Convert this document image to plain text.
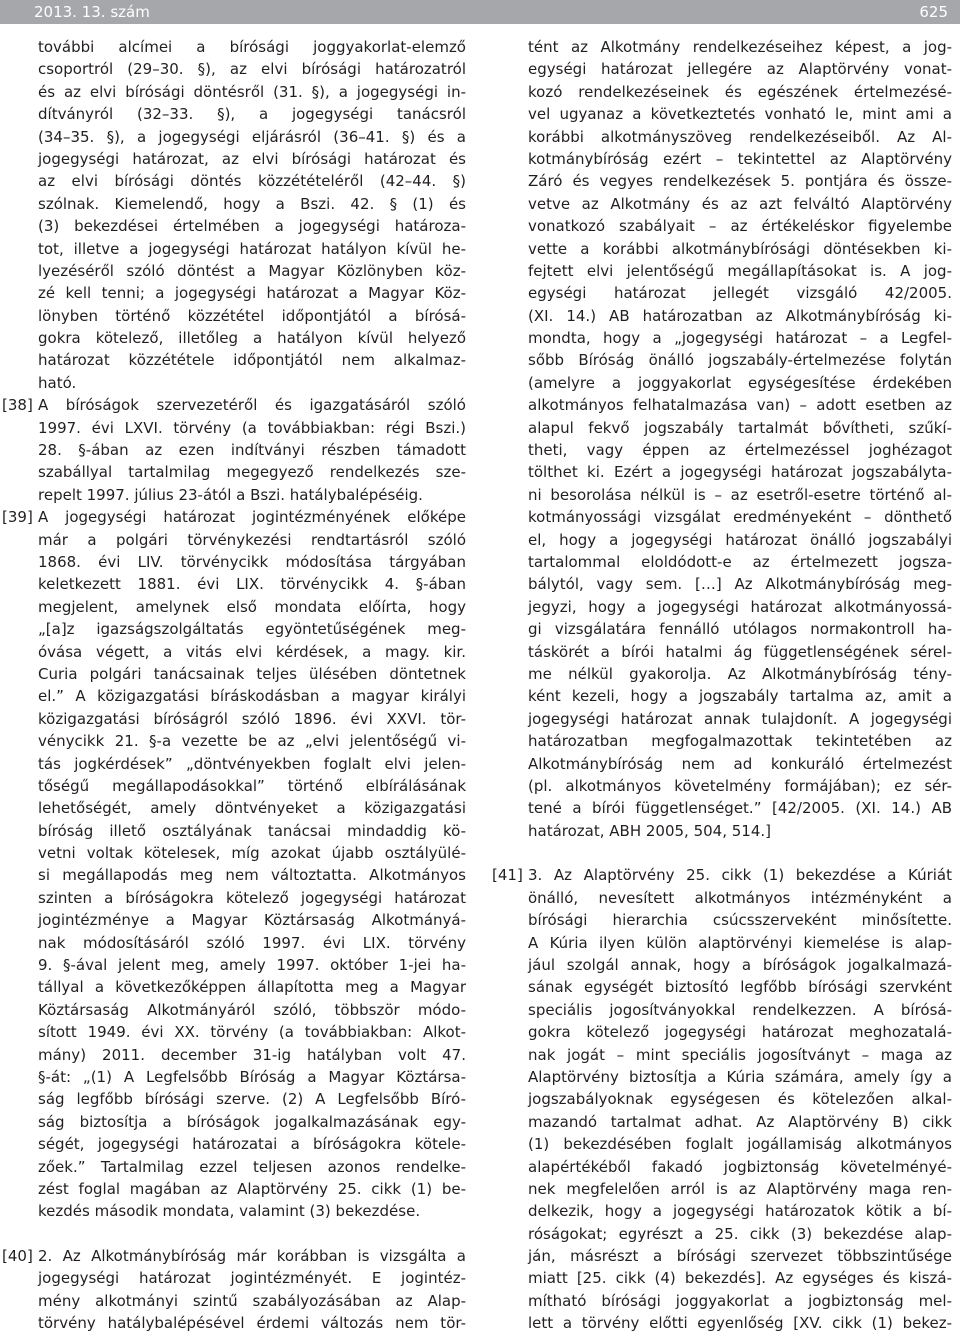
2013. 13. szám	625
további alcímei a bírósági joggyakorlat-elemző
csoportról (29–30. §), az elvi bírósági határozatról
és az elvi bírósági döntésről (31. §), a jogegységi in-
dítványról (32–33. §), a jogegységi tanácsról
(34–35. §), a jogegységi eljárásról (36–41. §) és a
jogegységi határozat, az elvi bírósági határozat és
az elvi bírósági döntés közzétételéről (42–44. §)
szólnak. Kiemelendő, hogy a Bszi. 42. § (1) és
(3) bekezdései értelmében a jogegységi határoza-
tot, illetve a jogegységi határozat hatályon kívül he-
lyezéséről szóló döntést a Magyar Közlönyben köz-
zé kell tenni; a jogegységi határozat a Magyar Köz-
lönyben történő közzététel időpontjától a bírósá-
gokra kötelező, illetőleg a hatályon kívül helyező
határozat közzététele időpontjától nem alkalmaz-
ható.
[38] A bíróságok szervezetéről és igazgatásáról szóló
1997. évi LXVI. törvény (a továbbiakban: régi Bszi.)
28. §-ában az ezen indítványi részben támadott
szabállyal tartalmilag megegyező rendelkezés sze-
repelt 1997. július 23-ától a Bszi. hatálybalépéséig.
[39] A jogegységi határozat jogintézményének előképe
már a polgári törvénykezési rendtartásról szóló
1868. évi LIV. törvénycikk módosítása tárgyában
keletkezett 1881. évi LIX. törvénycikk 4. §-ában
megjelent, amelynek első mondata előírta, hogy
„[a]z igazságszolgáltatás egyöntetűségének meg-
óvása végett, a vitás elvi kérdések, a magy. kir.
Curia polgári tanácsainak teljes ülésében döntetnek
el.” A közigazgatási bíráskodásban a magyar királyi
közigazgatási bíróságról szóló 1896. évi XXVI. tör-
vénycikk 21. §-a vezette be az „elvi jelentőségű vi-
tás jogkérdések” „döntvényekben foglalt elvi jelen-
tőségű megállapodásokkal” történő elbírálásának
lehetőségét, amely döntvényeket a közigazgatási
bíróság illető osztályának tanácsai mindaddig kö-
vetni voltak kötelesek, míg azokat újabb osztályülé-
si megállapodás meg nem változtatta. Alkotmányos
szinten a bíróságokra kötelező jogegységi határozat
jogintézménye a Magyar Köztársaság Alkotmányá-
nak módosításáról szóló 1997. évi LIX. törvény
9. §-ával jelent meg, amely 1997. október 1-jei ha-
tállyal a következőképpen állapította meg a Magyar
Köztársaság Alkotmányáról szóló, többször módo-
sított 1949. évi XX. törvény (a továbbiakban: Alkot-
mány) 2011. december 31-ig hatályban volt 47.
§-át: „(1) A Legfelsőbb Bíróság a Magyar Köztársa-
ság legfőbb bírósági szerve. (2) A Legfelsőbb Bíró-
ság biztosítja a bíróságok jogalkalmazásának egy-
ségét, jogegységi határozatai a bíróságokra kötele-
zőek.” Tartalmilag ezzel teljesen azonos rendelke-
zést foglal magában az Alaptörvény 25. cikk (1) be-
kezdés második mondata, valamint (3) bekezdése.
[40] 2. Az Alkotmánybíróság már korábban is vizsgálta a
jogegységi határozat jogintézményét. E jogintéz-
mény alkotmányi szintű szabályozásában az Alap-
törvény hatálybalépésével érdemi változás nem tör-
tént az Alkotmány rendelkezéseihez képest, a jog-
egységi határozat jellegére az Alaptörvény vonat-
kozó rendelkezéseinek és egészének értelmezésé-
vel ugyanaz a következtetés vonható le, mint ami a
korábbi alkotmányszöveg rendelkezéseiből. Az Al-
kotmánybíróság ezért – tekintettel az Alaptörvény
Záró és vegyes rendelkezések 5. pontjára és össze-
vetve az Alkotmány és az azt felváltó Alaptörvény
vonatkozó szabályait – az értékeléskor figyelembe
vette a korábbi alkotmánybírósági döntésekben ki-
fejtett elvi jelentőségű megállapításokat is. A jog-
egységi határozat jellegét vizsgáló 42/2005.
(XI. 14.) AB határozatban az Alkotmánybíróság ki-
mondta, hogy a „jogegységi határozat – a Legfel-
sőbb Bíróság önálló jogszabály-értelmezése folytán
(amelyre a joggyakorlat egységesítése érdekében
alkotmányos felhatalmazása van) – adott esetben az
alapul fekvő jogszabály tartalmát bővítheti, szűkí-
theti, vagy éppen az értelmezéssel joghézagot
tölthet ki. Ezért a jogegységi határozat jogszabályta-
ni besorolása nélkül is – az esetről-esetre történő al-
kotmányossági vizsgálat eredményeként – dönthető
el, hogy a jogegységi határozat önálló jogszabályi
tartalommal eloldódott-e az értelmezett jogsza-
bálytól, vagy sem. […] Az Alkotmánybíróság meg-
jegyzi, hogy a jogegységi határozat alkotmányossá-
gi vizsgálatára fennálló utólagos normakontroll ha-
táskörét a bírói hatalmi ág függetlenségének sérel-
me nélkül gyakorolja. Az Alkotmánybíróság tény-
ként kezeli, hogy a jogszabály tartalma az, amit a
jogegységi határozat annak tulajdonít. A jogegységi
határozatban megfogalmazottak tekintetében az
Alkotmánybíróság nem ad konkuráló értelmezést
(pl. alkotmányos követelmény formájában); ez sér-
tené a bírói függetlenséget.” [42/2005. (XI. 14.) AB
határozat, ABH 2005, 504, 514.]
[41] 3. Az Alaptörvény 25. cikk (1) bekezdése a Kúriát
önálló, nevesített alkotmányos intézményként a
bírósági hierarchia csúcsszerveként minősítette.
A Kúria ilyen külön alaptörvényi kiemelése is alap-
jául szolgál annak, hogy a bíróságok jogalkalmazá-
sának egységét biztosító legfőbb bírósági szervként
speciális jogosítványokkal rendelkezzen. A bírósá-
gokra kötelező jogegységi határozat meghozatalá-
nak jogát – mint speciális jogosítványt – maga az
Alaptörvény biztosítja a Kúria számára, amely így a
jogszabályoknak egységesen és kötelezően alkal-
mazandó tartalmat adhat. Az Alaptörvény B) cikk
(1) bekezdésében foglalt jogállamiság alkotmányos
alapértékéből fakadó jogbiztonság követelményé-
nek megfelelően arról is az Alaptörvény maga ren-
delkezik, hogy a jogegységi határozatok kötik a bí-
róságokat; egyrészt a 25. cikk (3) bekezdése alap-
ján, másrészt a bírósági szervezet többszintűsége
miatt [25. cikk (4) bekezdés]. Az egységes és kiszá-
mítható bírósági joggyakorlat a jogbiztonság mel-
lett a törvény előtti egyenlőség [XV. cikk (1) bekez-
